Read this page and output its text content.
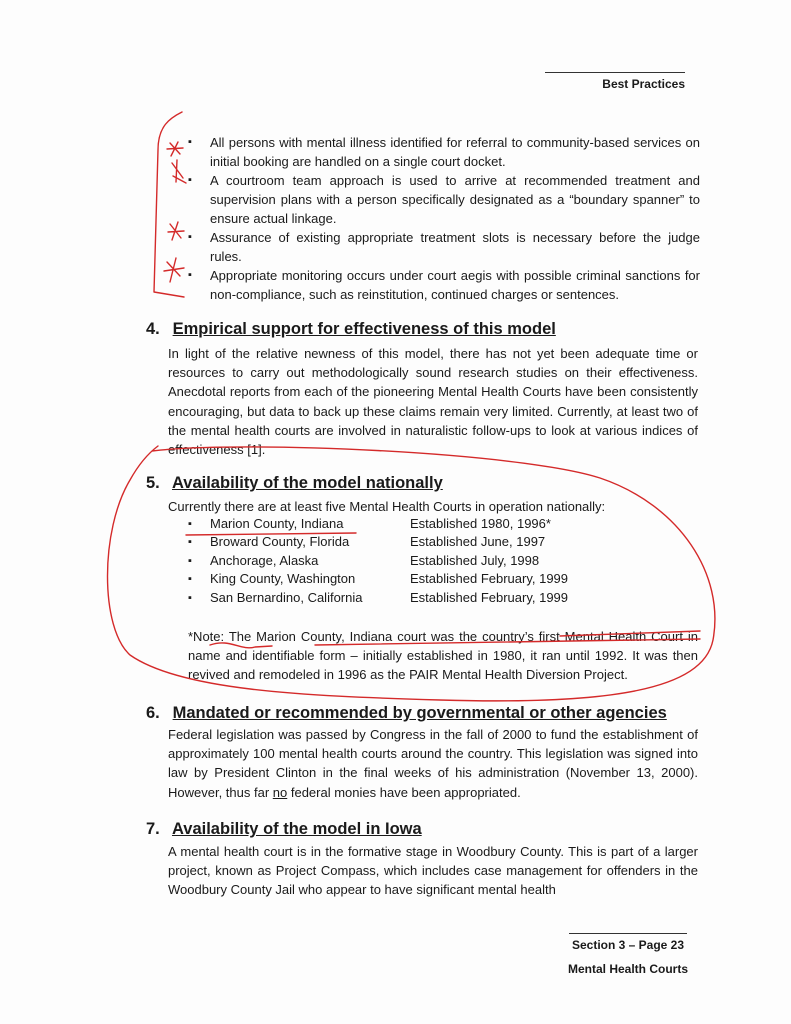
Best Practices
▪ All persons with mental illness identified for referral to community-based services on initial booking are handled on a single court docket.
▪ A courtroom team approach is used to arrive at recommended treatment and supervision plans with a person specifically designated as a “boundary spanner” to ensure actual linkage.
▪ Assurance of existing appropriate treatment slots is necessary before the judge rules.
▪ Appropriate monitoring occurs under court aegis with possible criminal sanctions for non-compliance, such as reinstitution, continued charges or sentences.
4. Empirical support for effectiveness of this model

In light of the relative newness of this model, there has not yet been adequate time or resources to carry out methodologically sound research studies on their effectiveness. Anecdotal reports from each of the pioneering Mental Health Courts have been consistently encouraging, but data to back up these claims remain very limited. Currently, at least two of the mental health courts are involved in naturalistic follow-ups to look at various indices of effectiveness [1].

5. Availability of the model nationally

Currently there are at least five Mental Health Courts in operation nationally:

▪ Marion County, Indiana	Established 1980, 1996*
▪ Broward County, Florida	Established June, 1997
▪ Anchorage, Alaska	Established July, 1998
▪ King County, Washington	Established February, 1999
▪ San Bernardino, California	Established February, 1999

*Note: The Marion County, Indiana court was the country’s first Mental Health Court in name and identifiable form – initially established in 1980, it ran until 1992. It was then revived and remodeled in 1996 as the PAIR Mental Health Diversion Project.

6. Mandated or recommended by governmental or other agencies

Federal legislation was passed by Congress in the fall of 2000 to fund the establishment of approximately 100 mental health courts around the country. This legislation was signed into law by President Clinton in the final weeks of his administration (November 13, 2000). However, thus far no federal monies have been appropriated.

7. Availability of the model in Iowa

A mental health court is in the formative stage in Woodbury County. This is part of a larger project, known as Project Compass, which includes case management for offenders in the Woodbury County Jail who appear to have significant mental health

Section 3 – Page 23
Mental Health Courts
